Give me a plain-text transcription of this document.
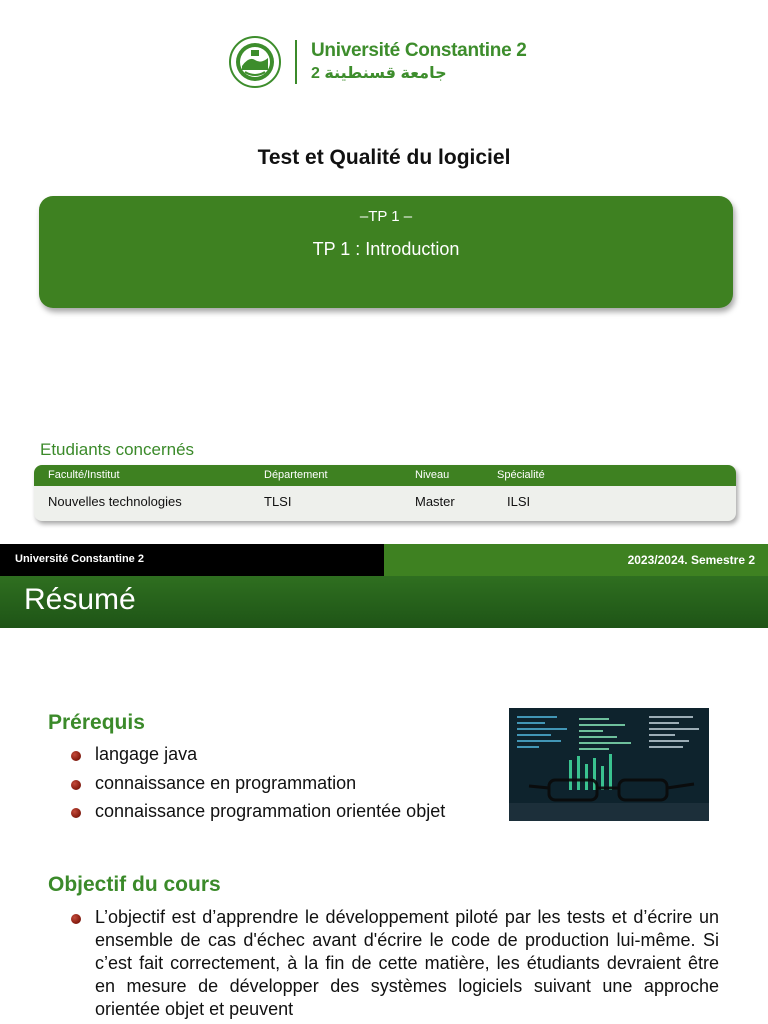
Université Constantine 2
جامعة قسنطينة 2
Test et Qualité du logiciel
–TP 1 –
TP 1 : Introduction
Etudiants concernés
Faculté/Institut	Département	Niveau	Spécialité
Nouvelles technologies	TLSI	Master	ILSI
Université Constantine 2	2023/2024. Semestre 2
Résumé
Prérequis
langage java
connaissance en programmation
connaissance programmation orientée objet
Objectif du cours
L’objectif est d’apprendre le développement piloté par les tests et d’écrire un ensemble de cas d'échec avant d'écrire le code de production lui-même. Si c’est fait correctement, à la fin de cette matière, les étudiants devraient être en mesure de développer des systèmes logiciels suivant une approche orientée objet et peuvent
